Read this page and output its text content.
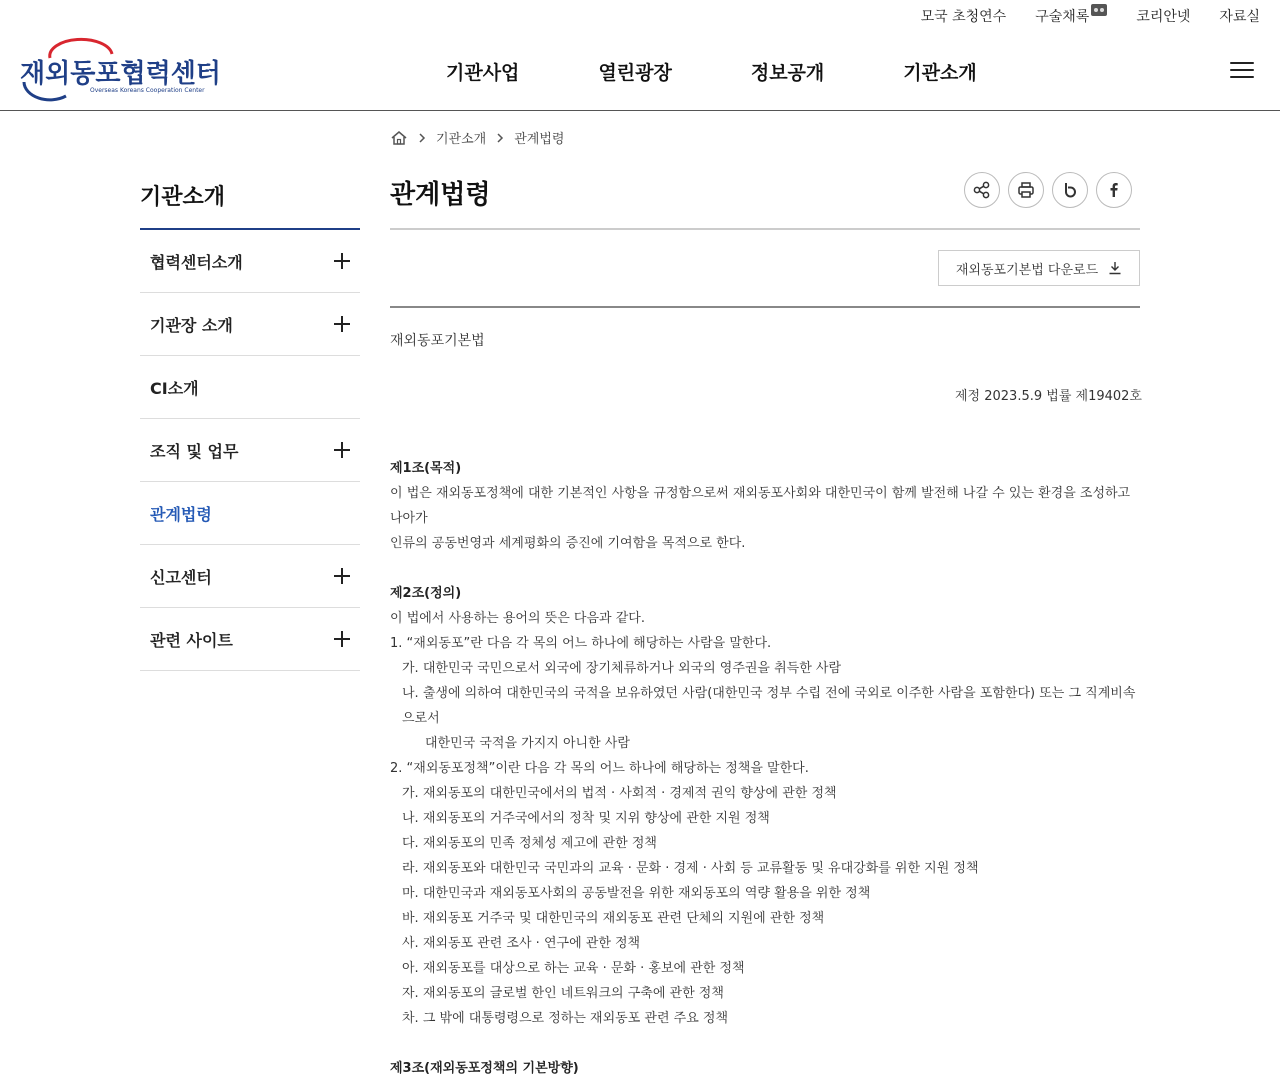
모국 초청연수 구술채록	코리안넷 자료실
재외동포협력센터
Overseas Koreans Cooperation Center
기관사업	열린광장	정보공개	기관소개
기관소개
협력센터소개
기관장 소개
CI소개
조직 및 업무
관계법령
신고센터
관련 사이트
기관소개 관계법령
관계법령
재외동포기본법 다운로드

재외동포기본법

제정 2023.5.9 법률 제19402호

제1조(목적)

이 법은 재외동포정책에 대한 기본적인 사항을 규정함으로써 재외동포사회와 대한민국이 함께 발전해 나갈 수 있는 환경을 조성하고 나아가

인류의 공동번영과 세계평화의 증진에 기여함을 목적으로 한다.

제2조(정의)

이 법에서 사용하는 용어의 뜻은 다음과 같다.

1. “재외동포”란 다음 각 목의 어느 하나에 해당하는 사람을 말한다.

가. 대한민국 국민으로서 외국에 장기체류하거나 외국의 영주권을 취득한 사람

나. 출생에 의하여 대한민국의 국적을 보유하였던 사람(대한민국 정부 수립 전에 국외로 이주한 사람을 포함한다) 또는 그 직계비속으로서

대한민국 국적을 가지지 아니한 사람

2. “재외동포정책”이란 다음 각 목의 어느 하나에 해당하는 정책을 말한다.

가. 재외동포의 대한민국에서의 법적 · 사회적 · 경제적 권익 향상에 관한 정책

나. 재외동포의 거주국에서의 정착 및 지위 향상에 관한 지원 정책

다. 재외동포의 민족 정체성 제고에 관한 정책

라. 재외동포와 대한민국 국민과의 교육 · 문화 · 경제 · 사회 등 교류활동 및 유대강화를 위한 지원 정책

마. 대한민국과 재외동포사회의 공동발전을 위한 재외동포의 역량 활용을 위한 정책

바. 재외동포 거주국 및 대한민국의 재외동포 관련 단체의 지원에 관한 정책

사. 재외동포 관련 조사 · 연구에 관한 정책

아. 재외동포를 대상으로 하는 교육 · 문화 · 홍보에 관한 정책

자. 재외동포의 글로벌 한인 네트워크의 구축에 관한 정책

차. 그 밖에 대통령령으로 정하는 재외동포 관련 주요 정책

제3조(재외동포정책의 기본방향)
